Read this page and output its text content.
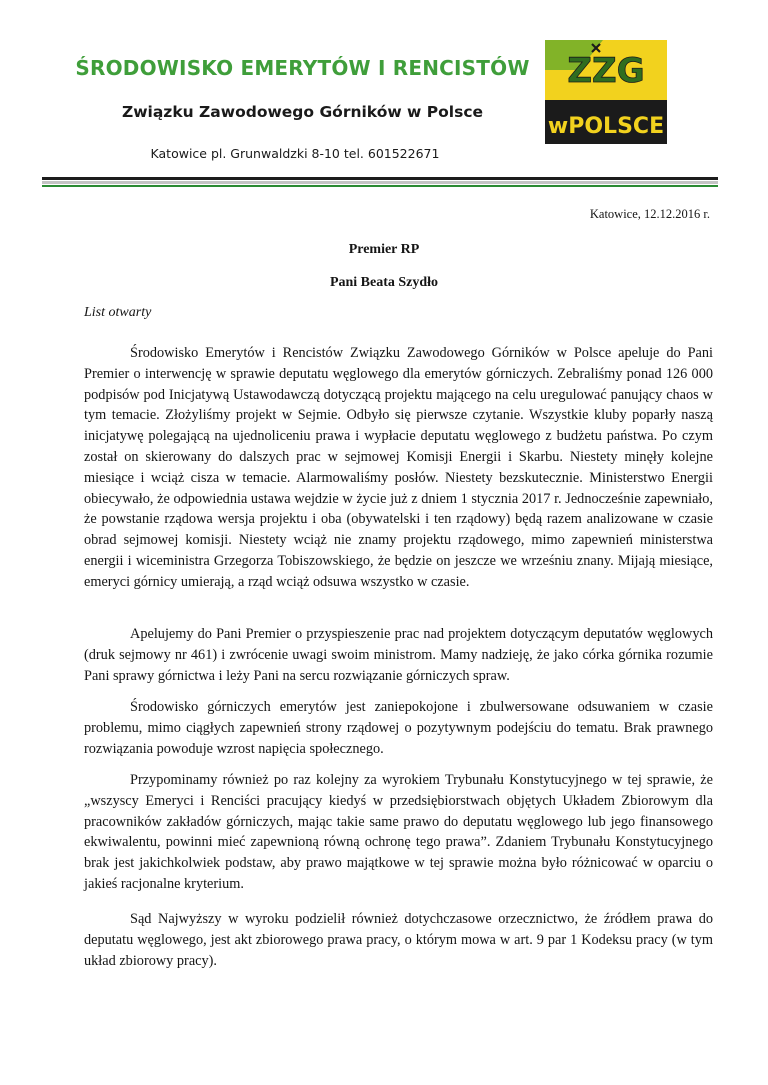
ŚRODOWISKO EMERYTÓW I RENCISTÓW
Związku Zawodowego Górników w Polsce
Katowice pl. Grunwaldzki 8-10 tel. 601522671
ZZG
wPOLSCE
Katowice, 12.12.2016 r.
Premier RP
Pani Beata Szydło
List otwarty

Środowisko Emerytów i Rencistów Związku Zawodowego Górników w Polsce apeluje do Pani Premier o interwencję w sprawie deputatu węglowego dla emerytów górniczych. Zebraliśmy ponad 126 000 podpisów pod Inicjatywą Ustawodawczą dotyczącą projektu mającego na celu uregulować panujący chaos w tym temacie. Złożyliśmy projekt w Sejmie. Odbyło się pierwsze czytanie. Wszystkie kluby poparły naszą inicjatywę polegającą na ujednoliceniu prawa i wypłacie deputatu węglowego z budżetu państwa. Po czym został on skierowany do dalszych prac w sejmowej Komisji Energii i Skarbu. Niestety minęły kolejne miesiące i wciąż cisza w temacie. Alarmowaliśmy posłów. Niestety bezskutecznie. Ministerstwo Energii obiecywało, że odpowiednia ustawa wejdzie w życie już z dniem 1 stycznia 2017 r. Jednocześnie zapewniało, że powstanie rządowa wersja projektu i oba (obywatelski i ten rządowy) będą razem analizowane w czasie obrad sejmowej komisji. Niestety wciąż nie znamy projektu rządowego, mimo zapewnień ministerstwa energii i wiceministra Grzegorza Tobiszowskiego, że będzie on jeszcze we wrześniu znany. Mijają miesiące, emeryci górnicy umierają, a rząd wciąż odsuwa wszystko w czasie.

Apelujemy do Pani Premier o przyspieszenie prac nad projektem dotyczącym deputatów węglowych (druk sejmowy nr 461) i zwrócenie uwagi swoim ministrom. Mamy nadzieję, że jako córka górnika rozumie Pani sprawy górnictwa i leży Pani na sercu rozwiązanie górniczych spraw.

Środowisko górniczych emerytów jest zaniepokojone i zbulwersowane odsuwaniem w czasie problemu, mimo ciągłych zapewnień strony rządowej o pozytywnym podejściu do tematu. Brak prawnego rozwiązania powoduje wzrost napięcia społecznego.

Przypominamy również po raz kolejny za wyrokiem Trybunału Konstytucyjnego w tej sprawie, że „wszyscy Emeryci i Renciści pracujący kiedyś w przedsiębiorstwach objętych Układem Zbiorowym dla pracowników zakładów górniczych, mając takie same prawo do deputatu węglowego lub jego finansowego ekwiwalentu, powinni mieć zapewnioną równą ochronę tego prawa”. Zdaniem Trybunału Konstytucyjnego brak jest jakichkolwiek podstaw, aby prawo majątkowe w tej sprawie można było różnicować w oparciu o jakieś racjonalne kryterium.

Sąd Najwyższy w wyroku podzielił również dotychczasowe orzecznictwo, że źródłem prawa do deputatu węglowego, jest akt zbiorowego prawa pracy, o którym mowa w art. 9 par 1 Kodeksu pracy (w tym układ zbiorowy pracy).
